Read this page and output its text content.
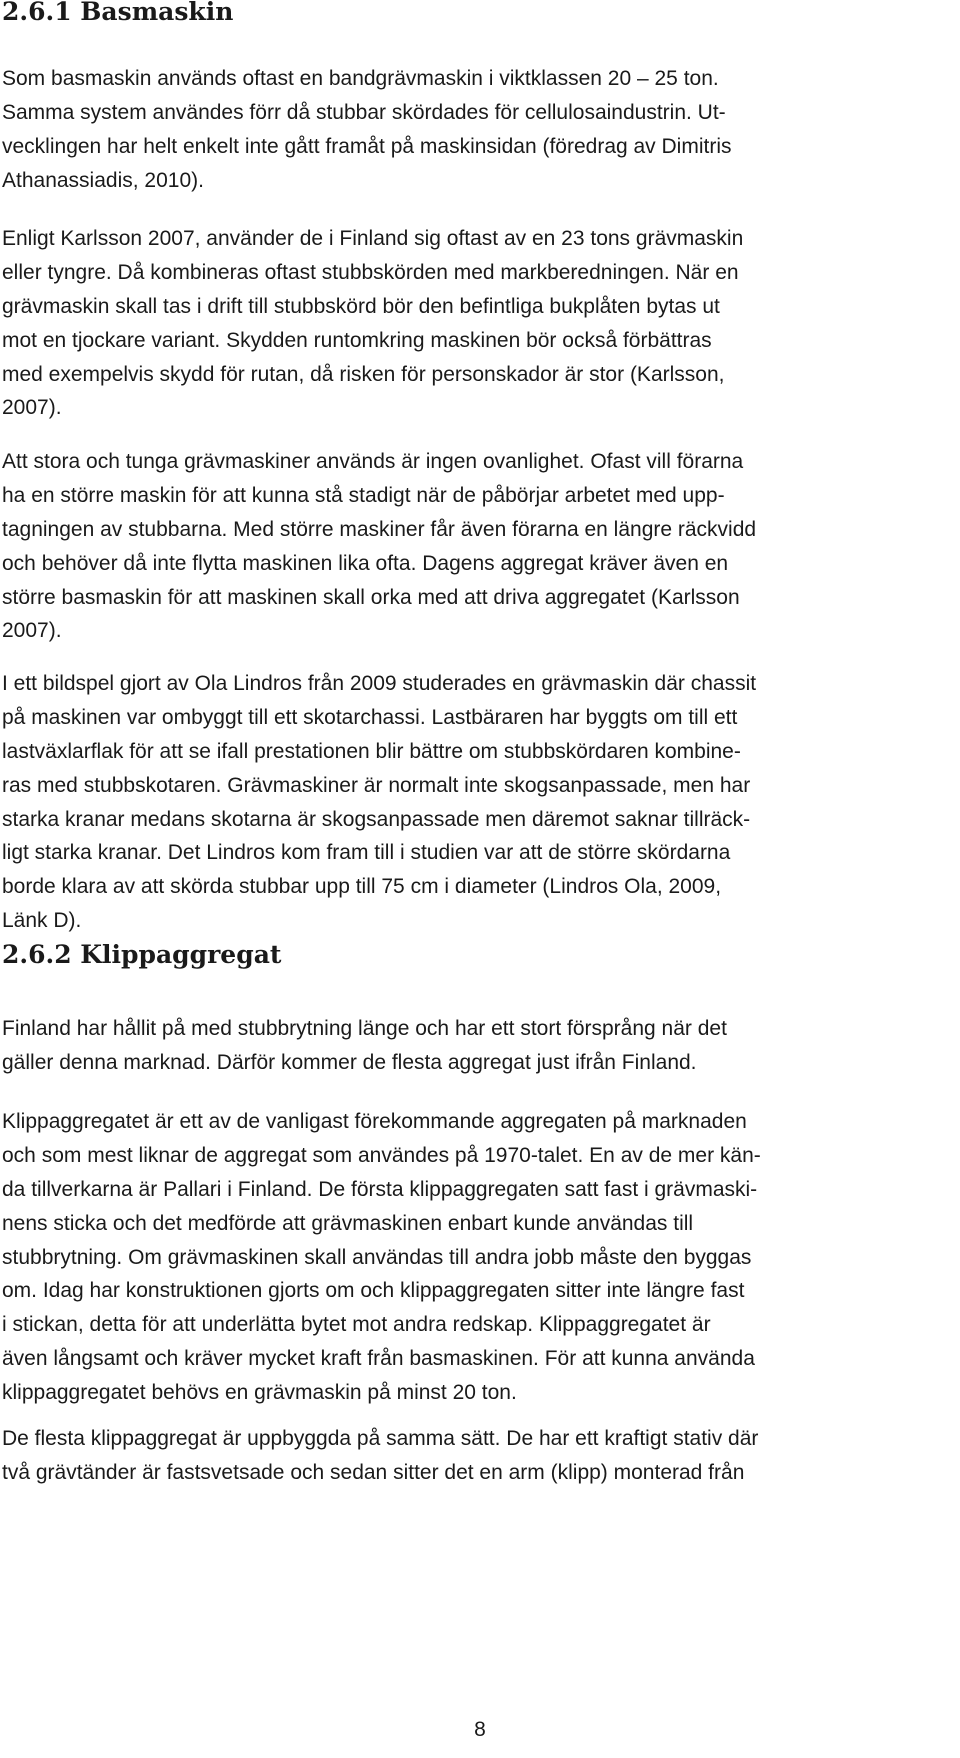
2.6.1 Basmaskin
Som basmaskin används oftast en bandgrävmaskin i viktklassen 20 – 25 ton.
Samma system användes förr då stubbar skördades för cellulosaindustrin. Ut-
vecklingen har helt enkelt inte gått framåt på maskinsidan (föredrag av Dimitris
Athanassiadis, 2010).
Enligt Karlsson 2007, använder de i Finland sig oftast av en 23 tons grävmaskin
eller tyngre. Då kombineras oftast stubbskörden med markberedningen. När en
grävmaskin skall tas i drift till stubbskörd bör den befintliga bukplåten bytas ut
mot en tjockare variant. Skydden runtomkring maskinen bör också förbättras
med exempelvis skydd för rutan, då risken för personskador är stor (Karlsson,
2007).
Att stora och tunga grävmaskiner används är ingen ovanlighet. Ofast vill förarna
ha en större maskin för att kunna stå stadigt när de påbörjar arbetet med upp-
tagningen av stubbarna. Med större maskiner får även förarna en längre räckvidd
och behöver då inte flytta maskinen lika ofta. Dagens aggregat kräver även en
större basmaskin för att maskinen skall orka med att driva aggregatet (Karlsson
2007).
I ett bildspel gjort av Ola Lindros från 2009 studerades en grävmaskin där chassit
på maskinen var ombyggt till ett skotarchassi. Lastbäraren har byggts om till ett
lastväxlarflak för att se ifall prestationen blir bättre om stubbskördaren kombine-
ras med stubbskotaren. Grävmaskiner är normalt inte skogsanpassade, men har
starka kranar medans skotarna är skogsanpassade men däremot saknar tillräck-
ligt starka kranar. Det Lindros kom fram till i studien var att de större skördarna
borde klara av att skörda stubbar upp till 75 cm i diameter (Lindros Ola, 2009,
Länk D).
2.6.2 Klippaggregat
Finland har hållit på med stubbrytning länge och har ett stort försprång när det
gäller denna marknad. Därför kommer de flesta aggregat just ifrån Finland.
Klippaggregatet är ett av de vanligast förekommande aggregaten på marknaden
och som mest liknar de aggregat som användes på 1970-talet. En av de mer kän-
da tillverkarna är Pallari i Finland. De första klippaggregaten satt fast i grävmaski-
nens sticka och det medförde att grävmaskinen enbart kunde användas till
stubbrytning. Om grävmaskinen skall användas till andra jobb måste den byggas
om. Idag har konstruktionen gjorts om och klippaggregaten sitter inte längre fast
i stickan, detta för att underlätta bytet mot andra redskap. Klippaggregatet är
även långsamt och kräver mycket kraft från basmaskinen. För att kunna använda
klippaggregatet behövs en grävmaskin på minst 20 ton.
De flesta klippaggregat är uppbyggda på samma sätt. De har ett kraftigt stativ där
två grävtänder är fastsvetsade och sedan sitter det en arm (klipp) monterad från
8
